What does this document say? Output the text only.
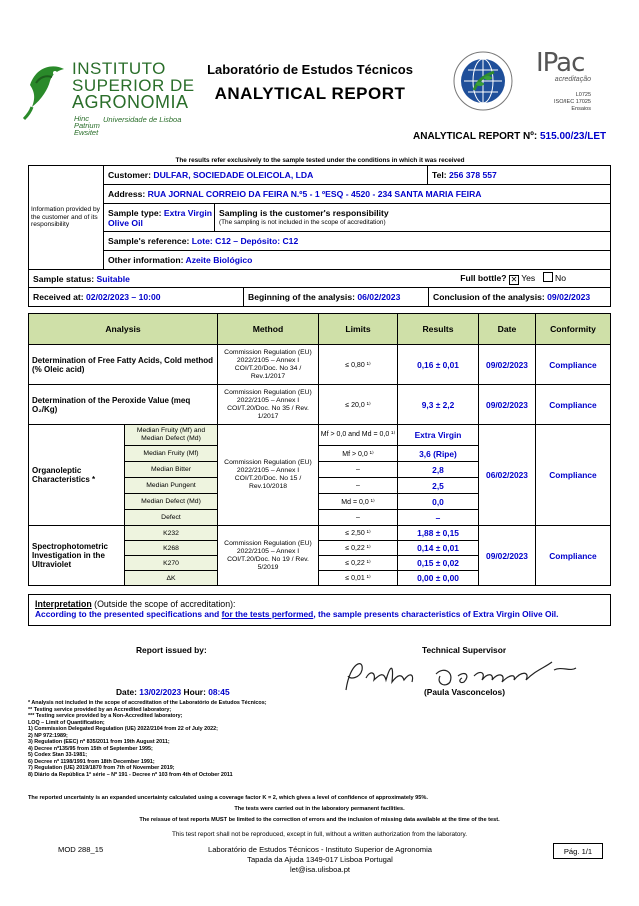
INSTITUTO
SUPERIOR DE
AGRONOMIA
Hinc
Patrium
Ewsitet
Universidade de Lisboa
Laboratório de Estudos Técnicos
ANALYTICAL REPORT
IPac
acreditação
L0725
ISO/IEC 17025
Ensaios
ANALYTICAL REPORT Nº: 515.00/23/LET
The results refer exclusively to the sample tested under the conditions in which it was received
Information provided by the customer and of its responsibility	Customer: DULFAR, SOCIEDADE OLEICOLA, LDA	Tel: 256 378 557
Address: RUA JORNAL CORREIO DA FEIRA N.º5 - 1 ºESQ - 4520 - 234 SANTA MARIA FEIRA
Sample type: Extra Virgin Olive Oil	
Sampling is the customer's responsibility
(The sampling is not included in the scope of accreditation)

Sample's reference: Lote: C12 – Depósito: C12
Other information: Azeite Biológico
Sample status: Suitable	Full bottle? ✕ Yes No

Received at: 02/02/2023 – 10:00	Beginning of the analysis: 06/02/2023	Conclusion of the analysis: 09/02/2023
Analysis		Method	Limits	Results	Date	Conformity
Determination of Free Fatty Acids, Cold method (% Oleic acid)		Commission Regulation (EU) 2022/2105 – Annex I COI/T.20/Doc. No 34 / Rev.1/2017	≤ 0,80 ¹⁾	0,16 ± 0,01	09/02/2023	Compliance
Determination of the Peroxide Value (meq O₂/Kg)		Commission Regulation (EU) 2022/2105 – Annex I COI/T.20/Doc. No 35 / Rev. 1/2017	≤ 20,0 ¹⁾	9,3 ± 2,2	09/02/2023	Compliance
Organoleptic Characteristics *	Median Fruity (Mf) and Median Defect (Md)	Commission Regulation (EU) 2022/2105 – Annex I COI/T.20/Doc. No 15 / Rev.10/2018	Mf > 0,0 and Md = 0,0 ¹⁾	Extra Virgin	06/02/2023	Compliance
	Median Fruity (Mf)		Mf > 0,0 ¹⁾	3,6 (Ripe)		
	Median Bitter		–	2,8		
	Median Pungent		–	2,5		
	Median Defect (Md)		Md = 0,0 ¹⁾	0,0		
	Defect		–	–		
Spectrophotometric Investigation in the Ultraviolet	K232	Commission Regulation (EU) 2022/2105 – Annex I COI/T.20/Doc. No 19 / Rev. 5/2019	≤ 2,50 ¹⁾	1,88 ± 0,15	09/02/2023	Compliance
	K268		≤ 0,22 ¹⁾	0,14 ± 0,01		
	K270		≤ 0,22 ¹⁾	0,15 ± 0,02		
	ΔK		≤ 0,01 ¹⁾	0,00 ± 0,00		
Interpretation (Outside the scope of accreditation):
According to the presented specifications and for the tests performed, the sample presents characteristics of Extra Virgin Olive Oil.
Report issued by:	Technical Supervisor
Date: 13/02/2023 Hour: 08:45	(Paula Vasconcelos)
* Analysis not included in the scope of accreditation of the Laboratório de Estudos Técnicos;
** Testing service provided by an Accredited laboratory;
*** Testing service provided by a Non-Accredited laboratory;
LOQ – Limit of Quantification;
1) Commission Delegated Regulation (UE) 2022/2104 from 22 of July 2022;
2) NP 972:1989;
3) Regulation (EEC) nº 835/2011 from 19th August 2011;
4) Decree nº135/95 from 15th of September 1995;
5) Codex Stan 33-1981;
6) Decree nº 1198/1991 from 18th December 1991;
7) Regulation (UE) 2019/1870 from 7th of November 2019;
8) Diário da República 1ª série – Nº 191 - Decree nº 103 from 4th of October 2011
The reported uncertainty is an expanded uncertainty calculated using a coverage factor K = 2, which gives a level of confidence of approximately 95%.
The tests were carried out in the laboratory permanent facilities.
The reissue of test reports MUST be limited to the correction of errors and the inclusion of missing data available at the time of the test.
This test report shall not be reproduced, except in full, without a written authorization from the laboratory.
MOD 288_15	Laboratório de Estudos Técnicos - Instituto Superior de Agronomia
Tapada da Ajuda 1349-017 Lisboa Portugal
let@isa.ulisboa.pt
Pág. 1/1
